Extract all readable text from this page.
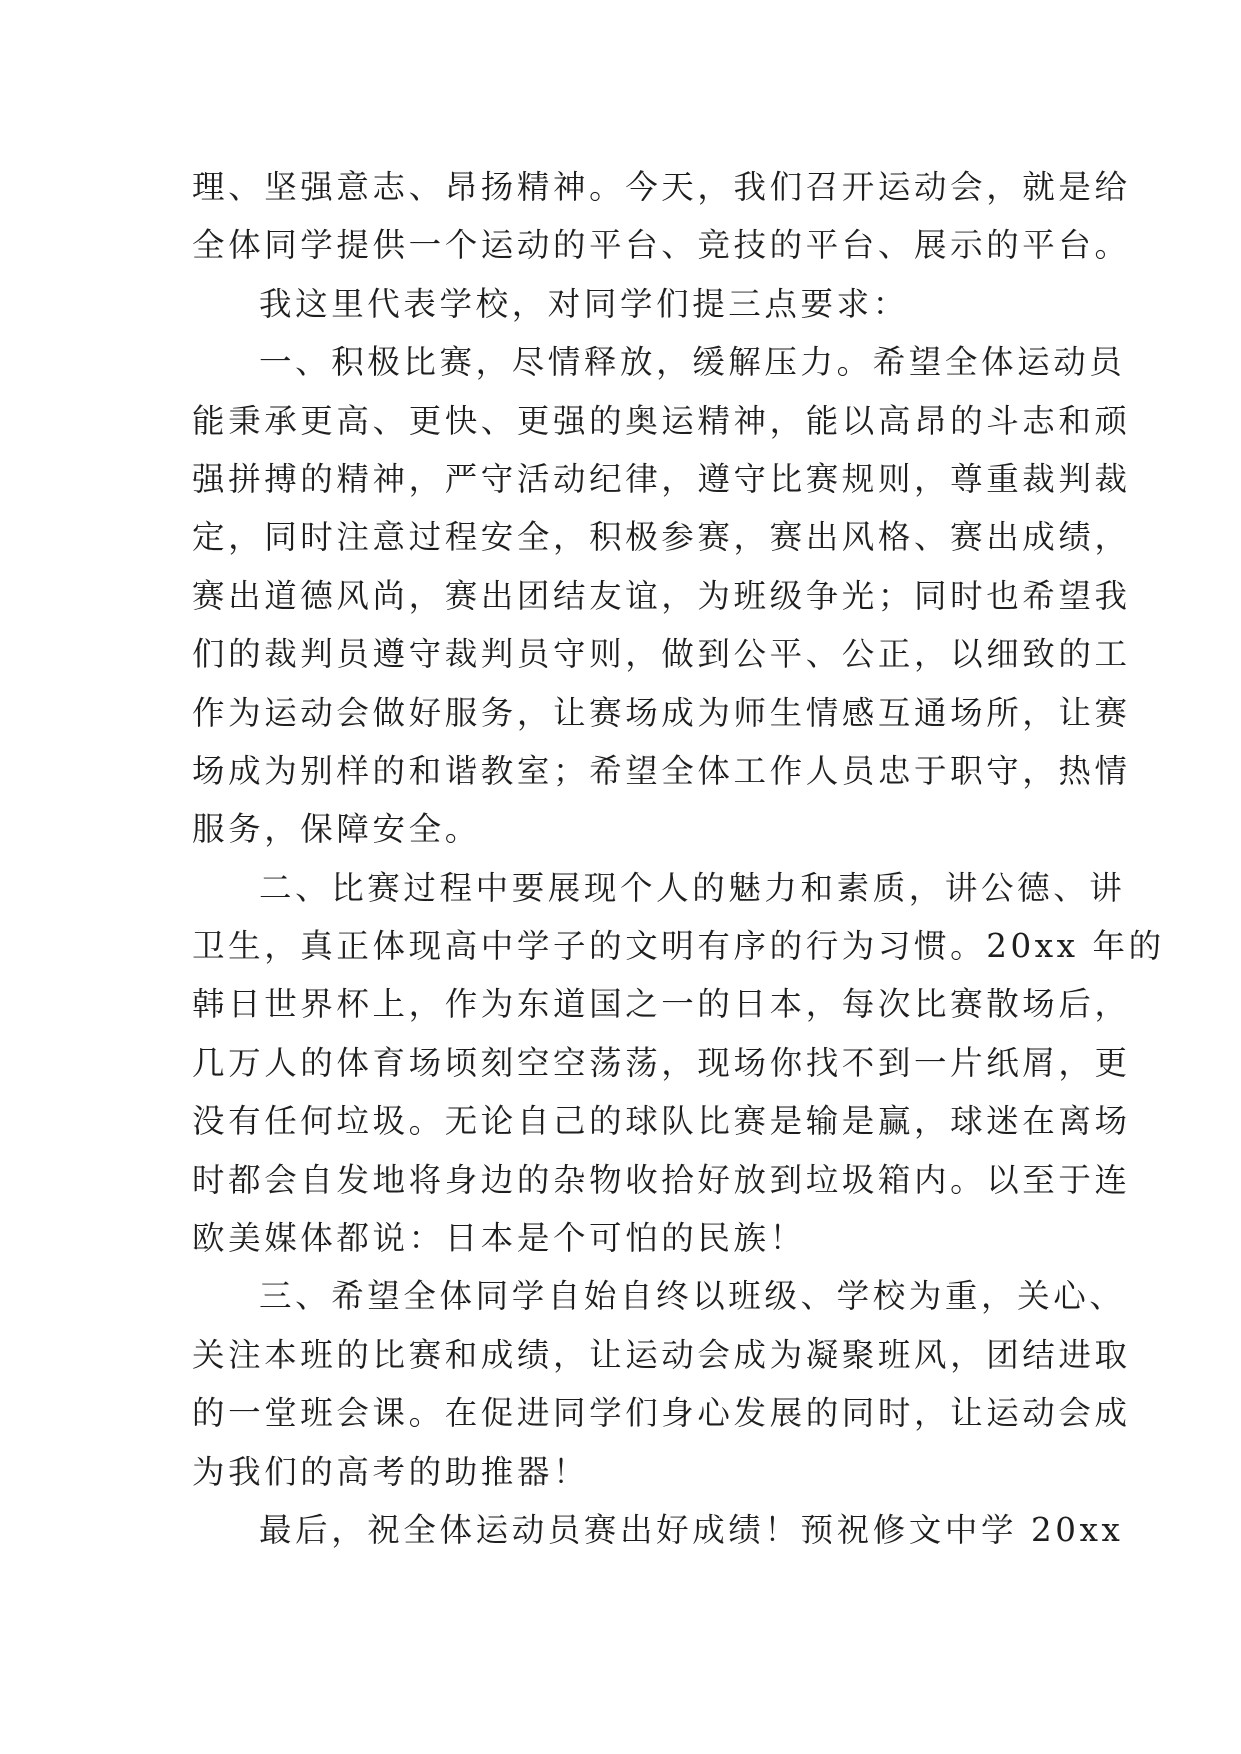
理、坚强意志、昂扬精神。今天，我们召开运动会，就是给
全体同学提供一个运动的平台、竞技的平台、展示的平台。
我这里代表学校，对同学们提三点要求：
一、积极比赛，尽情释放，缓解压力。希望全体运动员
能秉承更高、更快、更强的奥运精神，能以高昂的斗志和顽
强拼搏的精神，严守活动纪律，遵守比赛规则，尊重裁判裁
定，同时注意过程安全，积极参赛，赛出风格、赛出成绩，
赛出道德风尚，赛出团结友谊，为班级争光；同时也希望我
们的裁判员遵守裁判员守则，做到公平、公正，以细致的工
作为运动会做好服务，让赛场成为师生情感互通场所，让赛
场成为别样的和谐教室；希望全体工作人员忠于职守，热情
服务，保障安全。
二、比赛过程中要展现个人的魅力和素质，讲公德、讲
卫生，真正体现高中学子的文明有序的行为习惯。20xx 年的
韩日世界杯上，作为东道国之一的日本，每次比赛散场后，
几万人的体育场顷刻空空荡荡，现场你找不到一片纸屑，更
没有任何垃圾。无论自己的球队比赛是输是赢，球迷在离场
时都会自发地将身边的杂物收拾好放到垃圾箱内。以至于连
欧美媒体都说：日本是个可怕的民族！
三、希望全体同学自始自终以班级、学校为重，关心、
关注本班的比赛和成绩，让运动会成为凝聚班风，团结进取
的一堂班会课。在促进同学们身心发展的同时，让运动会成
为我们的高考的助推器！
最后，祝全体运动员赛出好成绩！预祝修文中学 20xx
